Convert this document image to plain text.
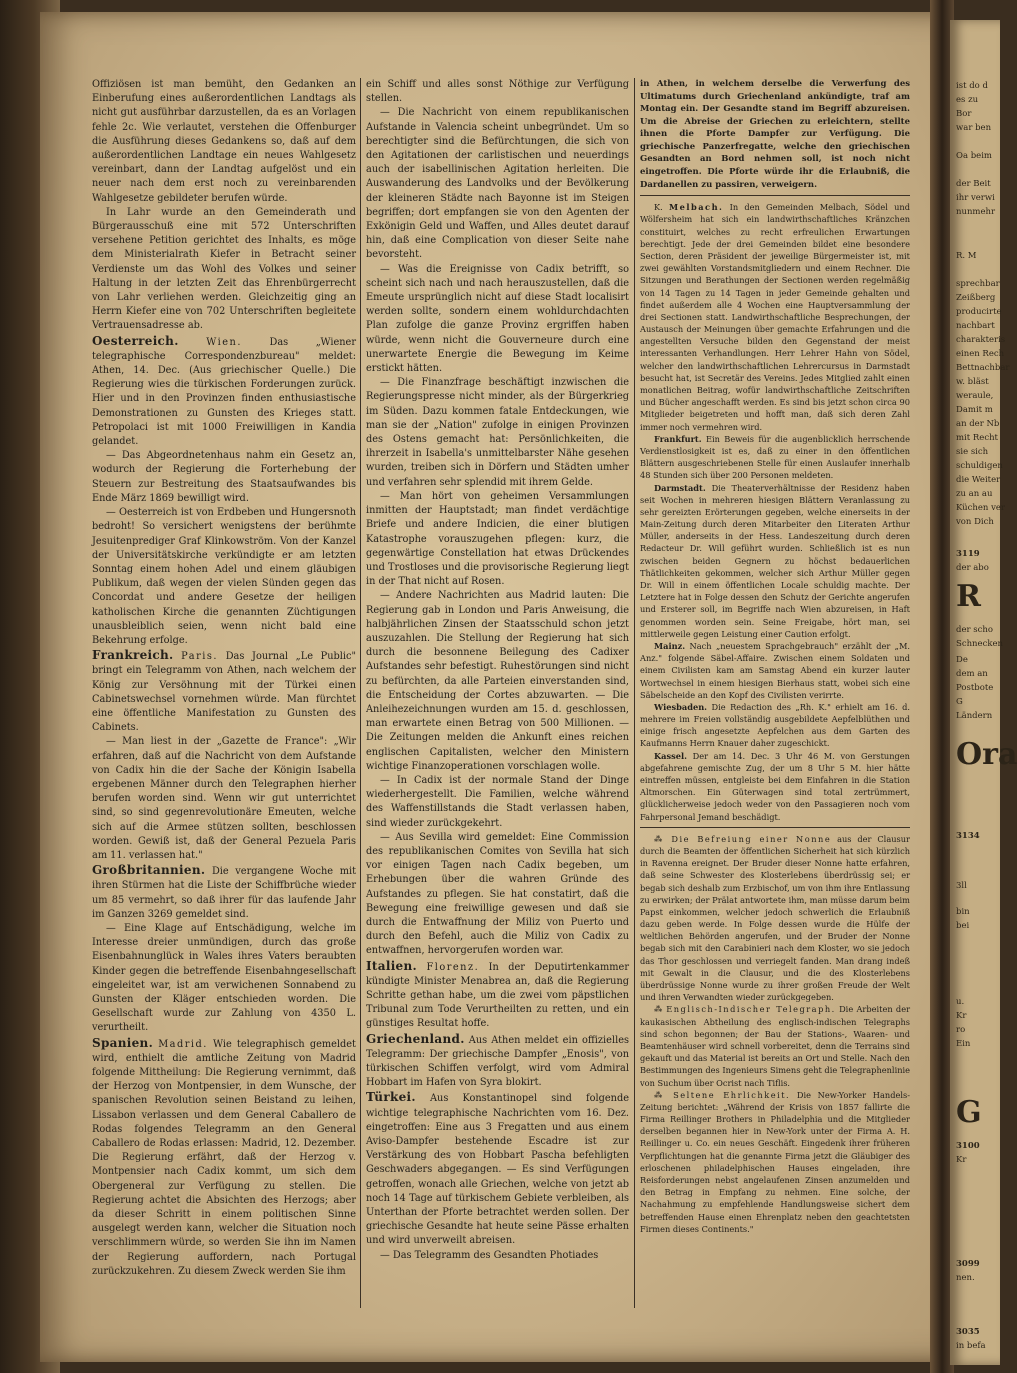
ist do d
es zu
Bor
war ben
Oa beim
der Beit
ihr verwi
nunmehr
R. M
sprechbar
Zeißberg
producirte
nachbart
charakteris
einen Rech
Bettnachbar
w. bläst
weraule,
Damit m
an der Nb
mit Recht
sie sich
schuldigen
die Weiter
zu an au
Küchen ver
von Dich
3119
der abo
R
der scho
Schnecken
De
dem an
Postbote
G
Ländern
Ora
3134
3ll
bin
bei
u.
Kr
ro
Ein
G
3100
Kr
3099
nen.
3035
in befa

Offiziösen ist man bemüht, den Gedanken an Einberufung eines außerordentlichen Landtags als nicht gut ausführbar darzustellen, da es an Vorlagen fehle 2c. Wie verlautet, verstehen die Offenburger die Ausführung dieses Gedankens so, daß auf dem außerordentlichen Landtage ein neues Wahlgesetz vereinbart, dann der Landtag aufgelöst und ein neuer nach dem erst noch zu vereinbarenden Wahlgesetze gebildeter berufen würde.

In Lahr wurde an den Gemeinderath und Bürgerausschuß eine mit 572 Unterschriften versehene Petition gerichtet des Inhalts, es möge dem Ministerialrath Kiefer in Betracht seiner Verdienste um das Wohl des Volkes und seiner Haltung in der letzten Zeit das Ehrenbürgerrecht von Lahr verliehen werden. Gleichzeitig ging an Herrn Kiefer eine von 702 Unterschriften begleitete Vertrauensadresse ab.

Oesterreich.	Wien.	Das „Wiener telegraphische Correspondenzbureau" meldet: Athen, 14. Dec. (Aus griechischer Quelle.) Die Regierung wies die türkischen Forderungen zurück. Hier und in den Provinzen finden enthusiastische Demonstrationen zu Gunsten des Krieges statt. Petropolaci ist mit 1000 Freiwilligen in Kandia gelandet.

— Das Abgeordnetenhaus nahm ein Gesetz an, wodurch der Regierung die Forterhebung der Steuern zur Bestreitung des Staatsaufwandes bis Ende März 1869 bewilligt wird.

— Oesterreich ist von Erdbeben und Hungersnoth bedroht! So versichert wenigstens der berühmte Jesuitenprediger Graf Klinkowström. Von der Kanzel der Universitätskirche verkündigte er am letzten Sonntag einem hohen Adel und einem gläubigen Publikum, daß wegen der vielen Sünden gegen das Concordat und andere Gesetze der heiligen katholischen Kirche die genannten Züchtigungen unausbleiblich seien, wenn nicht bald eine Bekehrung erfolge.

Frankreich. Paris. Das Journal „Le Public" bringt ein Telegramm von Athen, nach welchem der König zur Versöhnung mit der Türkei einen Cabinetswechsel vornehmen würde. Man fürchtet eine öffentliche Manifestation zu Gunsten des Cabinets.

— Man liest in der „Gazette de France": „Wir erfahren, daß auf die Nachricht von dem Aufstande von Cadix hin die der Sache der Königin Isabella ergebenen Männer durch den Telegraphen hierher berufen worden sind. Wenn wir gut unterrichtet sind, so sind gegenrevolutionäre Emeuten, welche sich auf die Armee stützen sollten, beschlossen worden. Gewiß ist, daß der General Pezuela Paris am 11. verlassen hat."

Großbritannien. Die vergangene Woche mit ihren Stürmen hat die Liste der Schiffbrüche wieder um 85 vermehrt, so daß ihrer für das laufende Jahr im Ganzen 3269 gemeldet sind.

— Eine Klage auf Entschädigung, welche im Interesse dreier unmündigen, durch das große Eisenbahnunglück in Wales ihres Vaters beraubten Kinder gegen die betreffende Eisenbahngesellschaft eingeleitet war, ist am verwichenen Sonnabend zu Gunsten der Kläger entschieden worden. Die Gesellschaft wurde zur Zahlung von 4350 L. verurtheilt.

Spanien. Madrid. Wie telegraphisch gemeldet wird, enthielt die amtliche Zeitung von Madrid folgende Mittheilung: Die Regierung vernimmt, daß der Herzog von Montpensier, in dem Wunsche, der spanischen Revolution seinen Beistand zu leihen, Lissabon verlassen und dem General Caballero de Rodas folgendes Telegramm an den General Caballero de Rodas erlassen: Madrid, 12. Dezember. Die Regierung erfährt, daß der Herzog v. Montpensier nach Cadix kommt, um sich dem Obergeneral zur Verfügung zu stellen. Die Regierung achtet die Absichten des Herzogs; aber da dieser Schritt in einem politischen Sinne ausgelegt werden kann, welcher die Situation noch verschlimmern würde, so werden Sie ihn im Namen der Regierung auffordern, nach Portugal zurückzukehren. Zu diesem Zweck werden Sie ihm

ein Schiff und alles sonst Nöthige zur Verfügung stellen.

— Die Nachricht von einem republikanischen Aufstande in Valencia scheint unbegründet. Um so berechtigter sind die Befürchtungen, die sich von den Agitationen der carlistischen und neuerdings auch der isabellinischen Agitation herleiten. Die Auswanderung des Landvolks und der Bevölkerung der kleineren Städte nach Bayonne ist im Steigen begriffen; dort empfangen sie von den Agenten der Exkönigin Geld und Waffen, und Alles deutet darauf hin, daß eine Complication von dieser Seite nahe bevorsteht.

— Was die Ereignisse von Cadix betrifft, so scheint sich nach und nach herauszustellen, daß die Emeute ursprünglich nicht auf diese Stadt localisirt werden sollte, sondern einem wohldurchdachten Plan zufolge die ganze Provinz ergriffen haben würde, wenn nicht die Gouverneure durch eine unerwartete Energie die Bewegung im Keime erstickt hätten.

— Die Finanzfrage beschäftigt inzwischen die Regierungspresse nicht minder, als der Bürgerkrieg im Süden. Dazu kommen fatale Entdeckungen, wie man sie der „Nation" zufolge in einigen Provinzen des Ostens gemacht hat: Persönlichkeiten, die ihrerzeit in Isabella's unmittelbarster Nähe gesehen wurden, treiben sich in Dörfern und Städten umher und verfahren sehr splendid mit ihrem Gelde.

— Man hört von geheimen Versammlungen inmitten der Hauptstadt; man findet verdächtige Briefe und andere Indicien, die einer blutigen Katastrophe vorauszugehen pflegen: kurz, die gegenwärtige Constellation hat etwas Drückendes und Trostloses und die provisorische Regierung liegt in der That nicht auf Rosen.

— Andere Nachrichten aus Madrid lauten: Die Regierung gab in London und Paris Anweisung, die halbjährlichen Zinsen der Staatsschuld schon jetzt auszuzahlen. Die Stellung der Regierung hat sich durch die besonnene Beilegung des Cadixer Aufstandes sehr befestigt. Ruhestörungen sind nicht zu befürchten, da alle Parteien einverstanden sind, die Entscheidung der Cortes abzuwarten. — Die Anleihezeichnungen wurden am 15. d. geschlossen, man erwartete einen Betrag von 500 Millionen. — Die Zeitungen melden die Ankunft eines reichen englischen Capitalisten, welcher den Ministern wichtige Finanzoperationen vorschlagen wolle.

— In Cadix ist der normale Stand der Dinge wiederhergestellt. Die Familien, welche während des Waffenstillstands die Stadt verlassen haben, sind wieder zurückgekehrt.

— Aus Sevilla wird gemeldet: Eine Commission des republikanischen Comites von Sevilla hat sich vor einigen Tagen nach Cadix begeben, um Erhebungen über die wahren Gründe des Aufstandes zu pflegen. Sie hat constatirt, daß die Bewegung eine freiwillige gewesen und daß sie durch die Entwaffnung der Miliz von Puerto und durch den Befehl, auch die Miliz von Cadix zu entwaffnen, hervorgerufen worden war.

Italien. Florenz. In der Deputirtenkammer kündigte Minister Menabrea an, daß die Regierung Schritte gethan habe, um die zwei vom päpstlichen Tribunal zum Tode Verurtheilten zu retten, und ein günstiges Resultat hoffe.

Griechenland. Aus Athen meldet ein offizielles Telegramm: Der griechische Dampfer „Enosis", von türkischen Schiffen verfolgt, wird vom Admiral Hobbart im Hafen von Syra blokirt.

Türkei. Aus Konstantinopel sind folgende wichtige telegraphische Nachrichten vom 16. Dez. eingetroffen: Eine aus 3 Fregatten und aus einem Aviso-Dampfer bestehende Escadre ist zur Verstärkung des von Hobbart Pascha befehligten Geschwaders abgegangen. — Es sind Verfügungen getroffen, wonach alle Griechen, welche von jetzt ab noch 14 Tage auf türkischem Gebiete verbleiben, als Unterthan der Pforte betrachtet werden sollen. Der griechische Gesandte hat heute seine Pässe erhalten und wird unverweilt abreisen.

— Das Telegramm des Gesandten Photiades

in Athen, in welchem derselbe die Verwerfung des Ultimatums durch Griechenland ankündigte, traf am Montag ein. Der Gesandte stand im Begriff abzureisen. Um die Abreise der Griechen zu erleichtern, stellte ihnen die Pforte Dampfer zur Verfügung. Die griechische Panzerfregatte, welche den griechischen Gesandten an Bord nehmen soll, ist noch nicht eingetroffen. Die Pforte würde ihr die Erlaubniß, die Dardanellen zu passiren, verweigern.

K. Melbach. In den Gemeinden Melbach, Södel und Wölfersheim hat sich ein landwirthschaftliches Kränzchen constituirt, welches zu recht erfreulichen Erwartungen berechtigt. Jede der drei Gemeinden bildet eine besondere Section, deren Präsident der jeweilige Bürgermeister ist, mit zwei gewählten Vorstandsmitgliedern und einem Rechner. Die Sitzungen und Berathungen der Sectionen werden regelmäßig von 14 Tagen zu 14 Tagen in jeder Gemeinde gehalten und findet außerdem alle 4 Wochen eine Hauptversammlung der drei Sectionen statt. Landwirthschaftliche Besprechungen, der Austausch der Meinungen über gemachte Erfahrungen und die angestellten Versuche bilden den Gegenstand der meist interessanten Verhandlungen. Herr Lehrer Hahn von Södel, welcher den landwirthschaftlichen Lehrercursus in Darmstadt besucht hat, ist Secretär des Vereins. Jedes Mitglied zahlt einen monatlichen Beitrag, wofür landwirthschaftliche Zeitschriften und Bücher angeschafft werden. Es sind bis jetzt schon circa 90 Mitglieder beigetreten und hofft man, daß sich deren Zahl immer noch vermehren wird.

Frankfurt. Ein Beweis für die augenblicklich herrschende Verdienstlosigkeit ist es, daß zu einer in den öffentlichen Blättern ausgeschriebenen Stelle für einen Auslaufer innerhalb 48 Stunden sich über 200 Personen meldeten.

Darmstadt. Die Theaterverhältnisse der Residenz haben seit Wochen in mehreren hiesigen Blättern Veranlassung zu sehr gereizten Erörterungen gegeben, welche einerseits in der Main-Zeitung durch deren Mitarbeiter den Literaten Arthur Müller, anderseits in der Hess. Landeszeitung durch deren Redacteur Dr. Will geführt wurden. Schließlich ist es nun zwischen beiden Gegnern zu höchst bedauerlichen Thätlichkeiten gekommen, welcher sich Arthur Müller gegen Dr. Will in einem öffentlichen Locale schuldig machte. Der Letztere hat in Folge dessen den Schutz der Gerichte angerufen und Ersterer soll, im Begriffe nach Wien abzureisen, in Haft genommen worden sein. Seine Freigabe, hört man, sei mittlerweile gegen Leistung einer Caution erfolgt.

Mainz. Nach „neuestem Sprachgebrauch" erzählt der „M. Anz." folgende Säbel-Affaire. Zwischen einem Soldaten und einem Civilisten kam am Samstag Abend ein kurzer lauter Wortwechsel in einem hiesigen Bierhaus statt, wobei sich eine Säbelscheide an den Kopf des Civilisten verirrte.

Wiesbaden. Die Redaction des „Rh. K." erhielt am 16. d. mehrere im Freien vollständig ausgebildete Aepfelblüthen und einige frisch angesetzte Aepfelchen aus dem Garten des Kaufmanns Herrn Knauer daher zugeschickt.

Kassel. Der am 14. Dec. 3 Uhr 46 M. von Gerstungen abgefahrene gemischte Zug, der um 8 Uhr 5 M. hier hätte eintreffen müssen, entgleiste bei dem Einfahren in die Station Altmorschen. Ein Güterwagen sind total zertrümmert, glücklicherweise jedoch weder von den Passagieren noch vom Fahrpersonal Jemand beschädigt.

⁂ Die Befreiung einer Nonne aus der Clausur durch die Beamten der öffentlichen Sicherheit hat sich kürzlich in Ravenna ereignet. Der Bruder dieser Nonne hatte erfahren, daß seine Schwester des Klosterlebens überdrüssig sei; er begab sich deshalb zum Erzbischof, um von ihm ihre Entlassung zu erwirken; der Prälat antwortete ihm, man müsse darum beim Papst einkommen, welcher jedoch schwerlich die Erlaubniß dazu geben werde. In Folge dessen wurde die Hülfe der weltlichen Behörden angerufen, und der Bruder der Nonne begab sich mit den Carabinieri nach dem Kloster, wo sie jedoch das Thor geschlossen und verriegelt fanden. Man drang indeß mit Gewalt in die Clausur, und die des Klosterlebens überdrüssige Nonne wurde zu ihrer großen Freude der Welt und ihren Verwandten wieder zurückgegeben.

⁂ Englisch-Indischer Telegraph. Die Arbeiten der kaukasischen Abtheilung des englisch-indischen Telegraphs sind schon begonnen; der Bau der Stations-, Waaren- und Beamtenhäuser wird schnell vorbereitet, denn die Terrains sind gekauft und das Material ist bereits an Ort und Stelle. Nach den Bestimmungen des Ingenieurs Simens geht die Telegraphenlinie von Suchum über Ocrist nach Tiflis.

⁂ Seltene Ehrlichkeit. Die New-Yorker Handels-Zeitung berichtet: „Während der Krisis von 1857 fallirte die Firma Reillinger Brothers in Philadelphia und die Mitglieder derselben begannen hier in New-York unter der Firma A. H. Reillinger u. Co. ein neues Geschäft. Eingedenk ihrer früheren Verpflichtungen hat die genannte Firma jetzt die Gläubiger des erloschenen philadelphischen Hauses eingeladen, ihre Reisforderungen nebst angelaufenen Zinsen anzumelden und den Betrag in Empfang zu nehmen. Eine solche, der Nachahmung zu empfehlende Handlungsweise sichert dem betreffenden Hause einen Ehrenplatz neben den geachtetsten Firmen dieses Continents."
